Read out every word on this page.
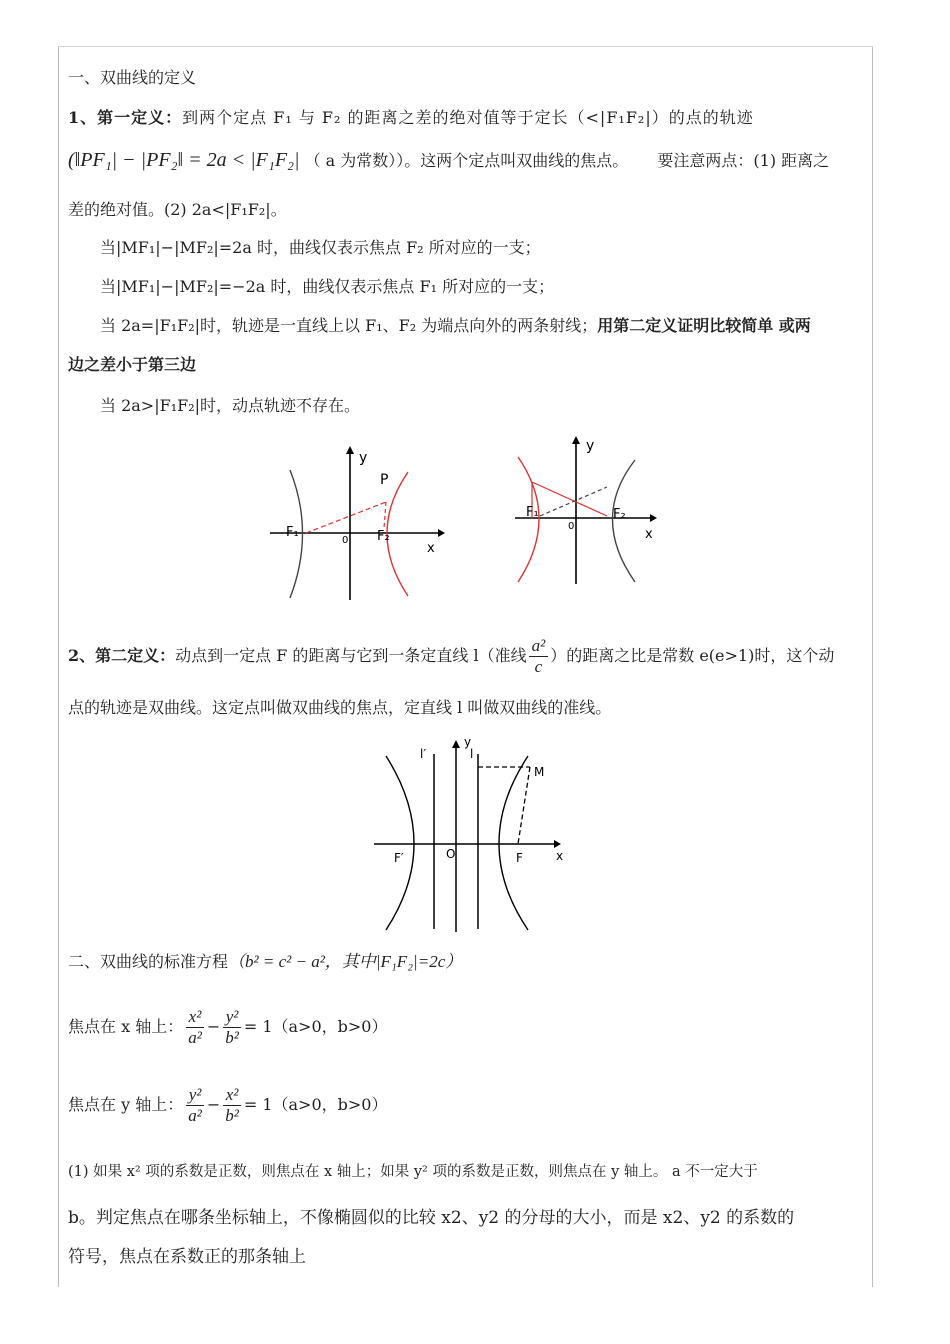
一、双曲线的定义
1、第一定义：到两个定点 F₁ 与 F₂ 的距离之差的绝对值等于定长（<|F₁F₂|）的点的轨迹
(‖PF₁| − |PF₂‖ = 2a < |F₁F₂| （ a 为常数））。这两个定点叫双曲线的焦点。 要注意两点：(1) 距离之
差的绝对值。(2) 2a<|F₁F₂|。
当|MF₁|−|MF₂|=2a 时，曲线仅表示焦点 F₂ 所对应的一支；
当|MF₁|−|MF₂|=−2a 时，曲线仅表示焦点 F₁ 所对应的一支；
当 2a=|F₁F₂|时，轨迹是一直线上以 F₁、F₂ 为端点向外的两条射线；用第二定义证明比较简单 或两
边之差小于第三边
当 2a>|F₁F₂|时，动点轨迹不存在。
y
x
P
F₁	F₂
0
y
x
F₁	F₂
0
2、第二定义：动点到一定点 F 的距离与它到一条定直线 l（准线 $\frac{\text{a²}}{c}$ ）的距离之比是常数 e(e>1)时，这个动
点的轨迹是双曲线。这定点叫做双曲线的焦点，定直线 l 叫做双曲线的准线。
y
x
l′	l
M
F′	O	F
二、双曲线的标准方程（b² = c² − a²，其中|F₁F₂|=2c）
焦点在 x 轴上： $\frac{\text{x²}}{\text{a²}} - \frac{\text{y²}}{\text{b²}} = 1(a>0$，b>0）
焦点在 y 轴上： $\frac{\text{y²}}{\text{a²}} - \frac{\text{x²}}{\text{b²}} = 1(a>0$，b>0）
(1) 如果 x² 项的系数是正数，则焦点在 x 轴上；如果 y² 项的系数是正数，则焦点在 y 轴上。 a 不一定大于
b。判定焦点在哪条坐标轴上，不像椭圆似的比较 x2、y2 的分母的大小，而是 x2、y2 的系数的
符号，焦点在系数正的那条轴上
